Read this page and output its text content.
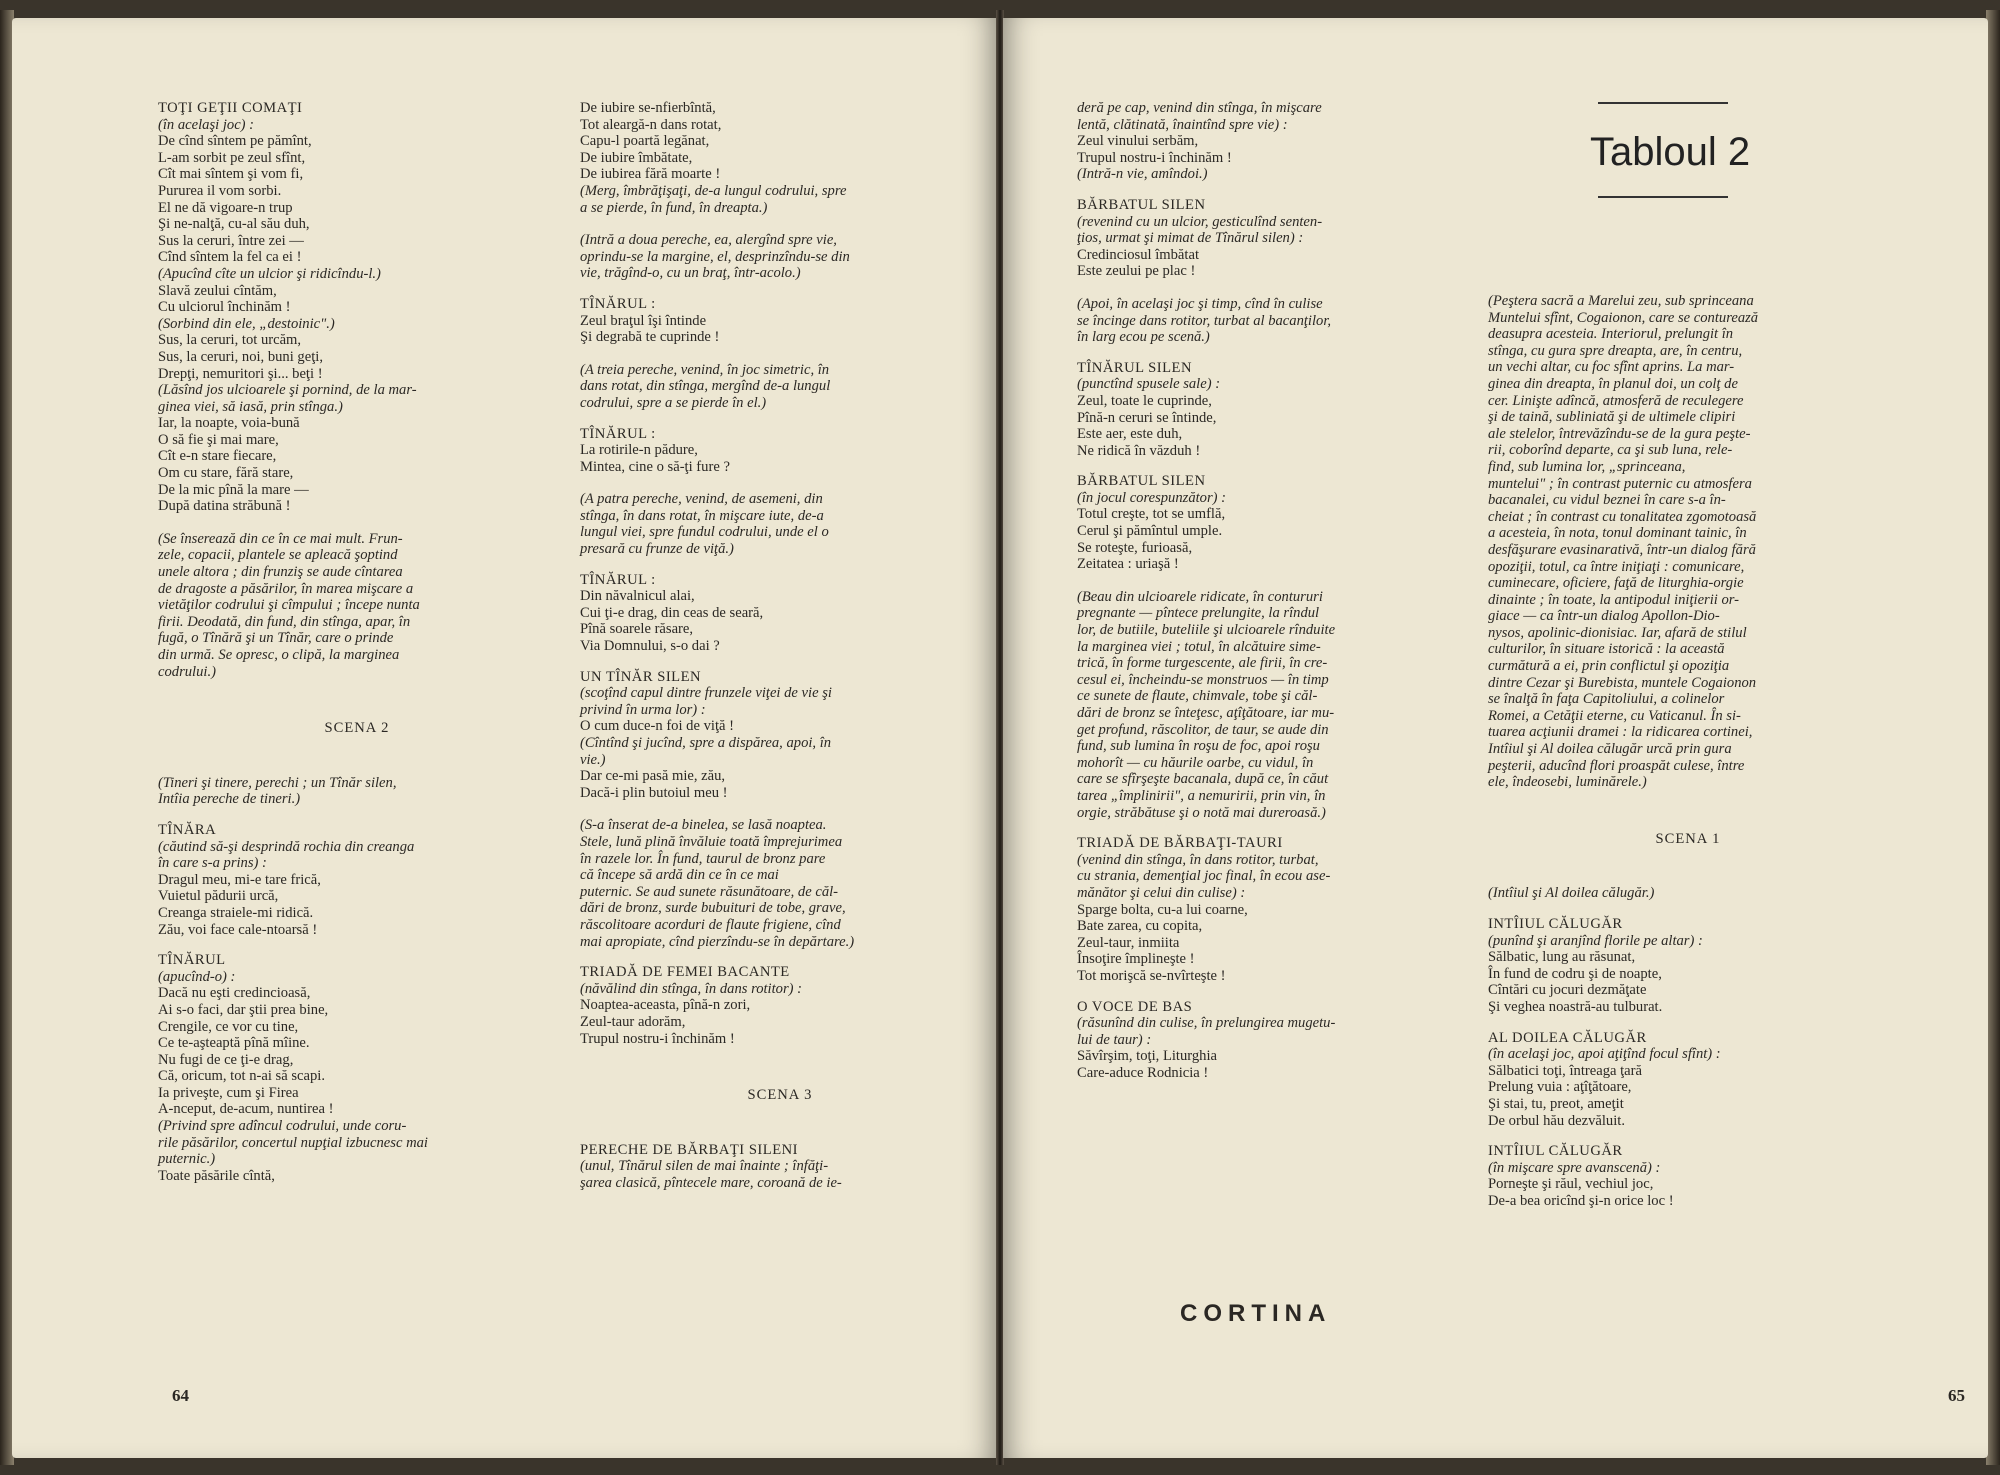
TOŢI GEŢII COMAŢI
(în acelaşi joc) :
De cînd sîntem pe pămînt,
L-am sorbit pe zeul sfînt,
Cît mai sîntem şi vom fi,
Pururea il vom sorbi.
El ne dă vigoare-n trup
Şi ne-nalţă, cu-al său duh,
Sus la ceruri, între zei —
Cînd sîntem la fel ca ei !
(Apucînd cîte un ulcior şi ridicîndu-l.)
Slavă zeului cîntăm,
Cu ulciorul închinăm !
(Sorbind din ele, „destoinic".)
Sus, la ceruri, tot urcăm,
Sus, la ceruri, noi, buni geţi,
Drepţi, nemuritori şi... beţi !
(Lăsînd jos ulcioarele şi pornind, de la mar-
ginea viei, să iasă, prin stînga.)
Iar, la noapte, voia-bună
O să fie şi mai mare,
Cît e-n stare fiecare,
Om cu stare, fără stare,
De la mic pînă la mare —
După datina străbună !
(Se înserează din ce în ce mai mult. Frun-
zele, copacii, plantele se apleacă şoptind
unele altora ; din frunziş se aude cîntarea
de dragoste a păsărilor, în marea mişcare a
vietăţilor codrului şi cîmpului ; începe nunta
firii. Deodată, din fund, din stînga, apar, în
fugă, o Tînără şi un Tînăr, care o prinde
din urmă. Se opresc, o clipă, la marginea
codrului.)
SCENA 2
(Tineri şi tinere, perechi ; un Tînăr silen,
Intîia pereche de tineri.)
TÎNĂRA
(căutind să-şi desprindă rochia din creanga
în care s-a prins) :
Dragul meu, mi-e tare frică,
Vuietul pădurii urcă,
Creanga straiele-mi ridică.
Zău, voi face cale-ntoarsă !
TÎNĂRUL
(apucînd-o) :
Dacă nu eşti credincioasă,
Ai s-o faci, dar ştii prea bine,
Crengile, ce vor cu tine,
Ce te-aşteaptă pînă mîine.
Nu fugi de ce ţi-e drag,
Că, oricum, tot n-ai să scapi.
Ia priveşte, cum şi Firea
A-nceput, de-acum, nuntirea !
(Privind spre adîncul codrului, unde coru-
rile păsărilor, concertul nupţial izbucnesc mai
puternic.)
Toate păsările cîntă,
De iubire se-nfierbîntă,
Tot aleargă-n dans rotat,
Capu-l poartă legănat,
De iubire îmbătate,
De iubirea fără moarte !
(Merg, îmbrăţişaţi, de-a lungul codrului, spre
a se pierde, în fund, în dreapta.)
(Intră a doua pereche, ea, alergînd spre vie,
oprindu-se la margine, el, desprinzîndu-se din
vie, trăgînd-o, cu un braţ, într-acolo.)
TÎNĂRUL :
Zeul braţul îşi întinde
Şi degrabă te cuprinde !
(A treia pereche, venind, în joc simetric, în
dans rotat, din stînga, mergînd de-a lungul
codrului, spre a se pierde în el.)
TÎNĂRUL :
La rotirile-n pădure,
Mintea, cine o să-ţi fure ?
(A patra pereche, venind, de asemeni, din
stînga, în dans rotat, în mişcare iute, de-a
lungul viei, spre fundul codrului, unde el o
presară cu frunze de viţă.)
TÎNĂRUL :
Din năvalnicul alai,
Cui ţi-e drag, din ceas de seară,
Pînă soarele răsare,
Via Domnului, s-o dai ?
UN TÎNĂR SILEN
(scoţînd capul dintre frunzele viţei de vie şi
privind în urma lor) :
O cum duce-n foi de viţă !
(Cîntînd şi jucînd, spre a dispărea, apoi, în
vie.)
Dar ce-mi pasă mie, zău,
Dacă-i plin butoiul meu !
(S-a înserat de-a binelea, se lasă noaptea.
Stele, lună plină învăluie toată împrejurimea
în razele lor. În fund, taurul de bronz pare
că începe să ardă din ce în ce mai
puternic. Se aud sunete răsunătoare, de căl-
dări de bronz, surde bubuituri de tobe, grave,
răscolitoare acorduri de flaute frigiene, cînd
mai apropiate, cînd pierzîndu-se în depărtare.)
TRIADĂ DE FEMEI BACANTE
(năvălind din stînga, în dans rotitor) :
Noaptea-aceasta, pînă-n zori,
Zeul-taur adorăm,
Trupul nostru-i închinăm !
SCENA 3
PERECHE DE BĂRBAŢI SILENI
(unul, Tînărul silen de mai înainte ; înfăţi-
şarea clasică, pîntecele mare, coroană de ie-
64
deră pe cap, venind din stînga, în mişcare
lentă, clătinată, înaintînd spre vie) :
Zeul vinului serbăm,
Trupul nostru-i închinăm !
(Intră-n vie, amîndoi.)
BĂRBATUL SILEN
(revenind cu un ulcior, gesticulînd senten-
ţios, urmat şi mimat de Tînărul silen) :
Credinciosul îmbătat
Este zeului pe plac !
(Apoi, în acelaşi joc şi timp, cînd în culise
se încinge dans rotitor, turbat al bacanţilor,
în larg ecou pe scenă.)
TÎNĂRUL SILEN
(punctînd spusele sale) :
Zeul, toate le cuprinde,
Pînă-n ceruri se întinde,
Este aer, este duh,
Ne ridică în văzduh !
BĂRBATUL SILEN
(în jocul corespunzător) :
Totul creşte, tot se umflă,
Cerul şi pămîntul umple.
Se roteşte, furioasă,
Zeitatea : uriaşă !
(Beau din ulcioarele ridicate, în contururi
pregnante — pîntece prelungite, la rîndul
lor, de butiile, buteliile şi ulcioarele rînduite
la marginea viei ; totul, în alcătuire sime-
trică, în forme turgescente, ale firii, în cre-
cesul ei, încheindu-se monstruos — în timp
ce sunete de flaute, chimvale, tobe şi căl-
dări de bronz se înteţesc, aţîţătoare, iar mu-
get profund, răscolitor, de taur, se aude din
fund, sub lumina în roşu de foc, apoi roşu
mohorît — cu hăurile oarbe, cu vidul, în
care se sfîrşeşte bacanala, după ce, în căut
tarea „împlinirii", a nemuririi, prin vin, în
orgie, străbătuse şi o notă mai dureroasă.)
TRIADĂ DE BĂRBAŢI-TAURI
(venind din stînga, în dans rotitor, turbat,
cu strania, demenţial joc final, în ecou ase-
mănător şi celui din culise) :
Sparge bolta, cu-a lui coarne,
Bate zarea, cu copita,
Zeul-taur, inmiita
Însoţire împlineşte !
Tot morişcă se-nvîrteşte !
O VOCE DE BAS
(răsunînd din culise, în prelungirea mugetu-
lui de taur) :
Săvîrşim, toţi, Liturghia
Care-aduce Rodnicia !
(Peştera sacră a Marelui zeu, sub sprinceana
Muntelui sfînt, Cogaionon, care se conturează
deasupra acesteia. Interiorul, prelungit în
stînga, cu gura spre dreapta, are, în centru,
un vechi altar, cu foc sfînt aprins. La mar-
ginea din dreapta, în planul doi, un colţ de
cer. Linişte adîncă, atmosferă de reculegere
şi de taină, subliniată şi de ultimele clipiri
ale stelelor, întrevăzîndu-se de la gura peşte-
rii, coborînd departe, ca şi sub luna, rele-
find, sub lumina lor, „sprinceana,
muntelui" ; în contrast puternic cu atmosfera
bacanalei, cu vidul beznei în care s-a în-
cheiat ; în contrast cu tonalitatea zgomotoasă
a acesteia, în nota, tonul dominant tainic, în
desfăşurare evasinarativă, într-un dialog fără
opoziţii, totul, ca între iniţiaţi : comunicare,
cuminecare, oficiere, faţă de liturghia-orgie
dinainte ; în toate, la antipodul iniţierii or-
giace — ca într-un dialog Apollon-Dio-
nysos, apolinic-dionisiac. Iar, afară de stilul
culturilor, în situare istorică : la această
curmătură a ei, prin conflictul şi opoziţia
dintre Cezar şi Burebista, muntele Cogaionon
se înalţă în faţa Capitoliului, a colinelor
Romei, a Cetăţii eterne, cu Vaticanul. În si-
tuarea acţiunii dramei : la ridicarea cortinei,
Intîiul şi Al doilea călugăr urcă prin gura
peşterii, aducînd flori proaspăt culese, între
ele, îndeosebi, luminărele.)
SCENA 1
(Intîiul şi Al doilea călugăr.)
INTÎIUL CĂLUGĂR
(punînd şi aranjînd florile pe altar) :
Sălbatic, lung au răsunat,
În fund de codru şi de noapte,
Cîntări cu jocuri dezmăţate
Şi veghea noastră-au tulburat.
AL DOILEA CĂLUGĂR
(în acelaşi joc, apoi aţiţînd focul sfînt) :
Sălbatici toţi, întreaga ţară
Prelung vuia : aţîţătoare,
Şi stai, tu, preot, ameţit
De orbul hău dezvăluit.
INTÎIUL CĂLUGĂR
(în mişcare spre avanscenă) :
Porneşte şi răul, vechiul joc,
De-a bea oricînd şi-n orice loc !
65
Tabloul 2
CORTINA
